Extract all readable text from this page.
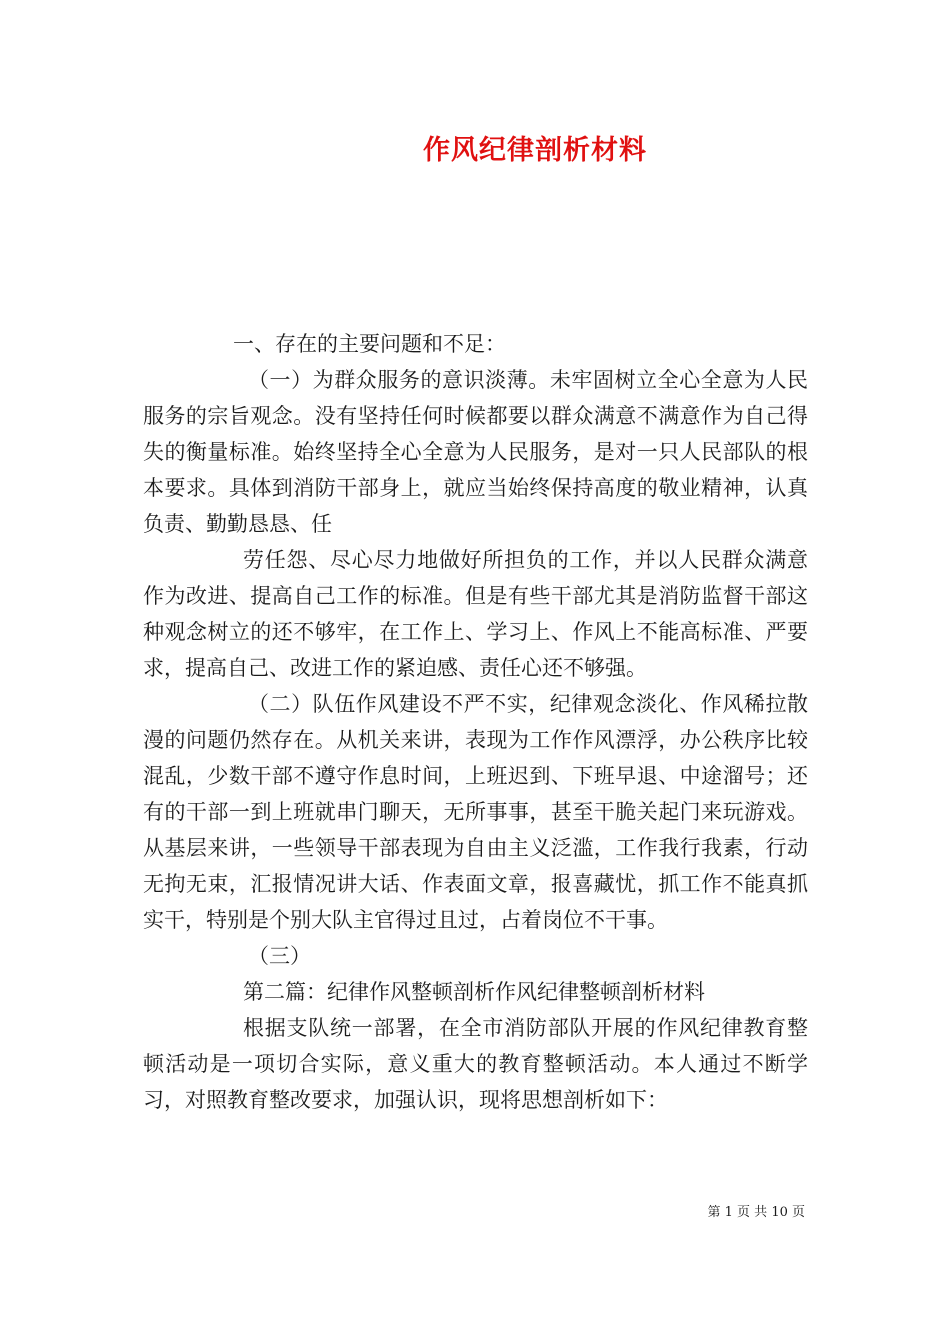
作风纪律剖析材料

一、存在的主要问题和不足：

（一）为群众服务的意识淡薄。未牢固树立全心全意为人民服务的宗旨观念。没有坚持任何时候都要以群众满意不满意作为自己得失的衡量标准。始终坚持全心全意为人民服务，是对一只人民部队的根本要求。具体到消防干部身上，就应当始终保持高度的敬业精神，认真负责、勤勤恳恳、任

劳任怨、尽心尽力地做好所担负的工作，并以人民群众满意作为改进、提高自己工作的标准。但是有些干部尤其是消防监督干部这种观念树立的还不够牢，在工作上、学习上、作风上不能高标准、严要求，提高自己、改进工作的紧迫感、责任心还不够强。

（二）队伍作风建设不严不实，纪律观念淡化、作风稀拉散漫的问题仍然存在。从机关来讲，表现为工作作风漂浮，办公秩序比较混乱，少数干部不遵守作息时间，上班迟到、下班早退、中途溜号；还有的干部一到上班就串门聊天，无所事事，甚至干脆关起门来玩游戏。从基层来讲，一些领导干部表现为自由主义泛滥，工作我行我素，行动无拘无束，汇报情况讲大话、作表面文章，报喜藏忧，抓工作不能真抓实干，特别是个别大队主官得过且过，占着岗位不干事。

（三）

第二篇：纪律作风整顿剖析作风纪律整顿剖析材料

根据支队统一部署，在全市消防部队开展的作风纪律教育整顿活动是一项切合实际，意义重大的教育整顿活动。本人通过不断学习，对照教育整改要求，加强认识，现将思想剖析如下：

第 1 页 共 10 页
